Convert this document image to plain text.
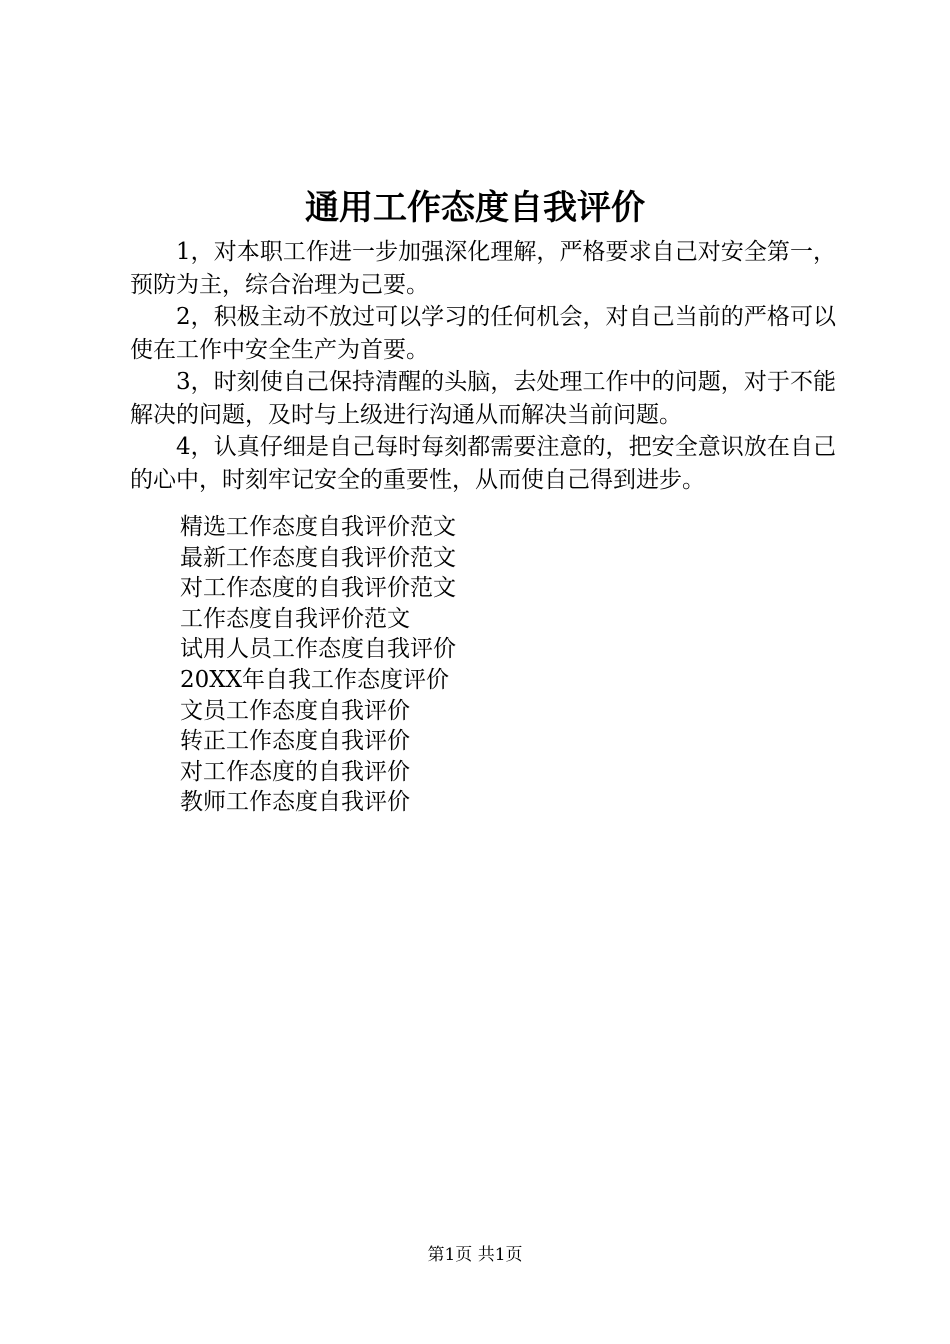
通用工作态度自我评价

1，对本职工作进一步加强深化理解，严格要求自己对安全第一，预防为主，综合治理为己要。

2，积极主动不放过可以学习的任何机会，对自己当前的严格可以使在工作中安全生产为首要。

3，时刻使自己保持清醒的头脑，去处理工作中的问题，对于不能解决的问题，及时与上级进行沟通从而解决当前问题。

4，认真仔细是自己每时每刻都需要注意的，把安全意识放在自己的心中，时刻牢记安全的重要性，从而使自己得到进步。

精选工作态度自我评价范文
最新工作态度自我评价范文
对工作态度的自我评价范文
工作态度自我评价范文
试用人员工作态度自我评价
20XX年自我工作态度评价
文员工作态度自我评价
转正工作态度自我评价
对工作态度的自我评价
教师工作态度自我评价
第1页 共1页
